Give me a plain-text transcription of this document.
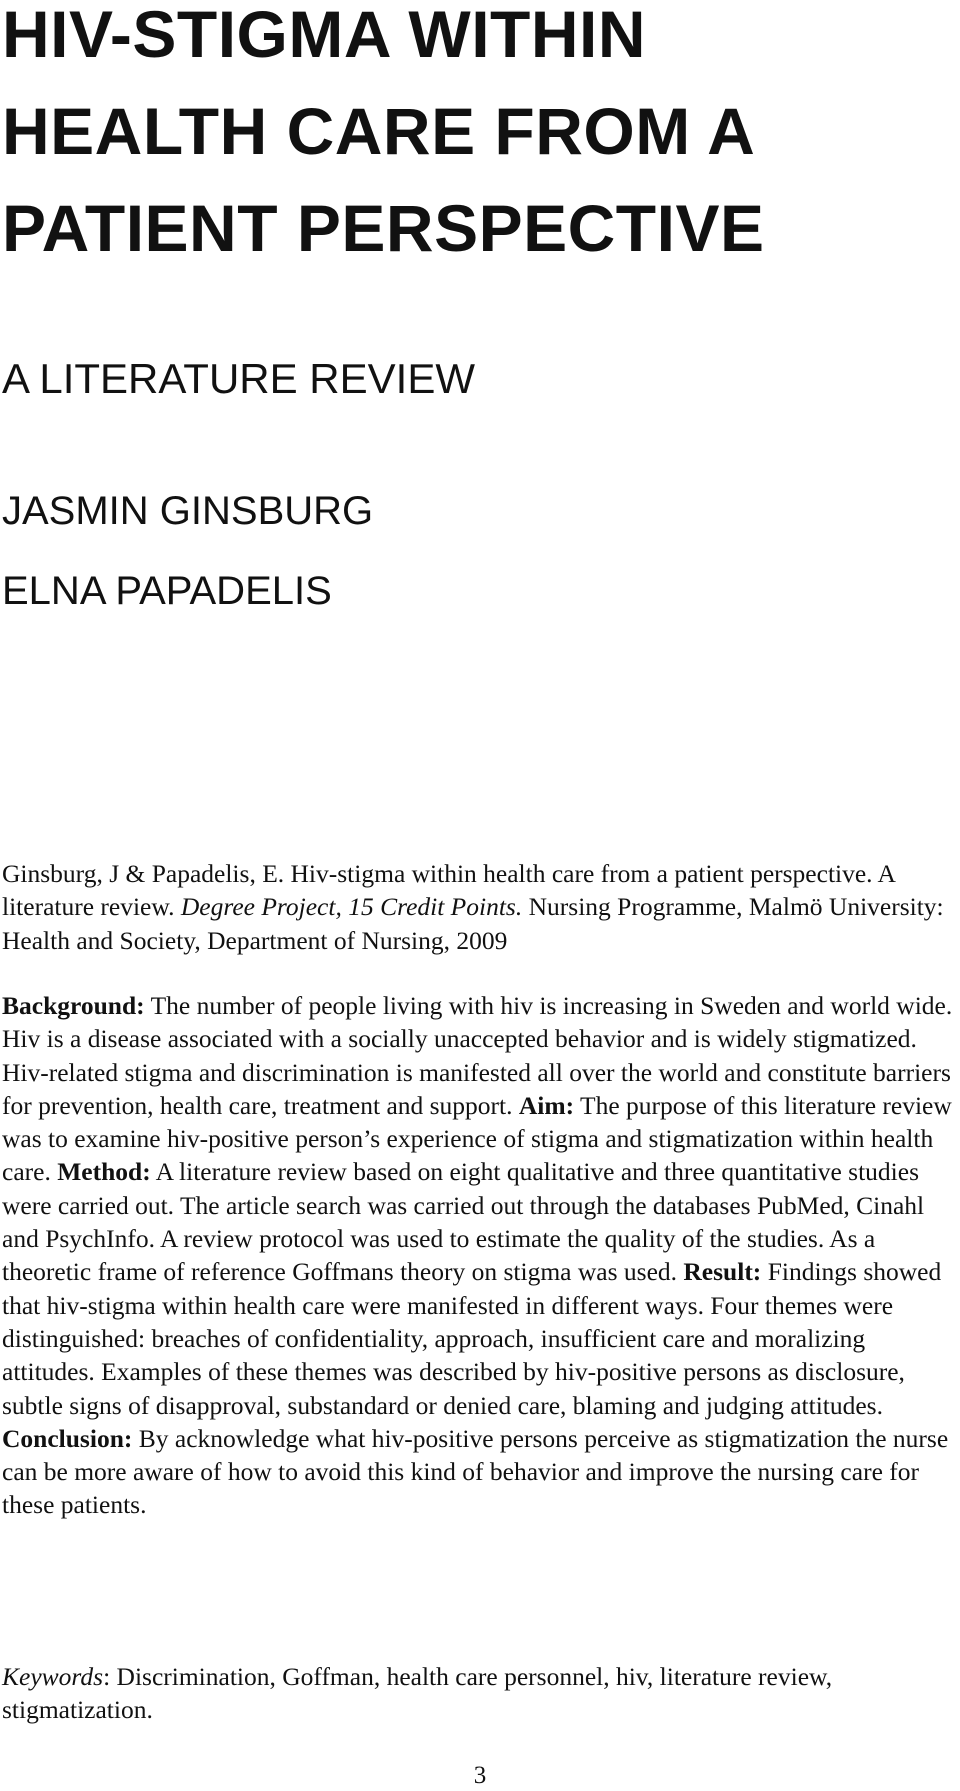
HIV-STIGMA WITHIN
HEALTH CARE FROM A
PATIENT PERSPECTIVE

A LITERATURE REVIEW

JASMIN GINSBURG

ELNA PAPADELIS

Ginsburg, J & Papadelis, E. Hiv-stigma within health care from a patient perspective. A literature review. Degree Project, 15 Credit Points. Nursing Programme, Malmö University: Health and Society, Department of Nursing, 2009

Background: The number of people living with hiv is increasing in Sweden and world wide. Hiv is a disease associated with a socially unaccepted behavior and is widely stigmatized. Hiv-related stigma and discrimination is manifested all over the world and constitute barriers for prevention, health care, treatment and support. Aim: The purpose of this literature review was to examine hiv-positive person’s experience of stigma and stigmatization within health care. Method: A literature review based on eight qualitative and three quantitative studies were carried out. The article search was carried out through the databases PubMed, Cinahl and PsychInfo. A review protocol was used to estimate the quality of the studies. As a theoretic frame of reference Goffmans theory on stigma was used. Result: Findings showed that hiv-stigma within health care were manifested in different ways. Four themes were distinguished: breaches of confidentiality, approach, insufficient care and moralizing attitudes. Examples of these themes was described by hiv-positive persons as disclosure, subtle signs of disapproval, substandard or denied care, blaming and judging attitudes. Conclusion: By acknowledge what hiv-positive persons perceive as stigmatization the nurse can be more aware of how to avoid this kind of behavior and improve the nursing care for these patients.

Keywords: Discrimination, Goffman, health care personnel, hiv, literature review, stigmatization.

3
